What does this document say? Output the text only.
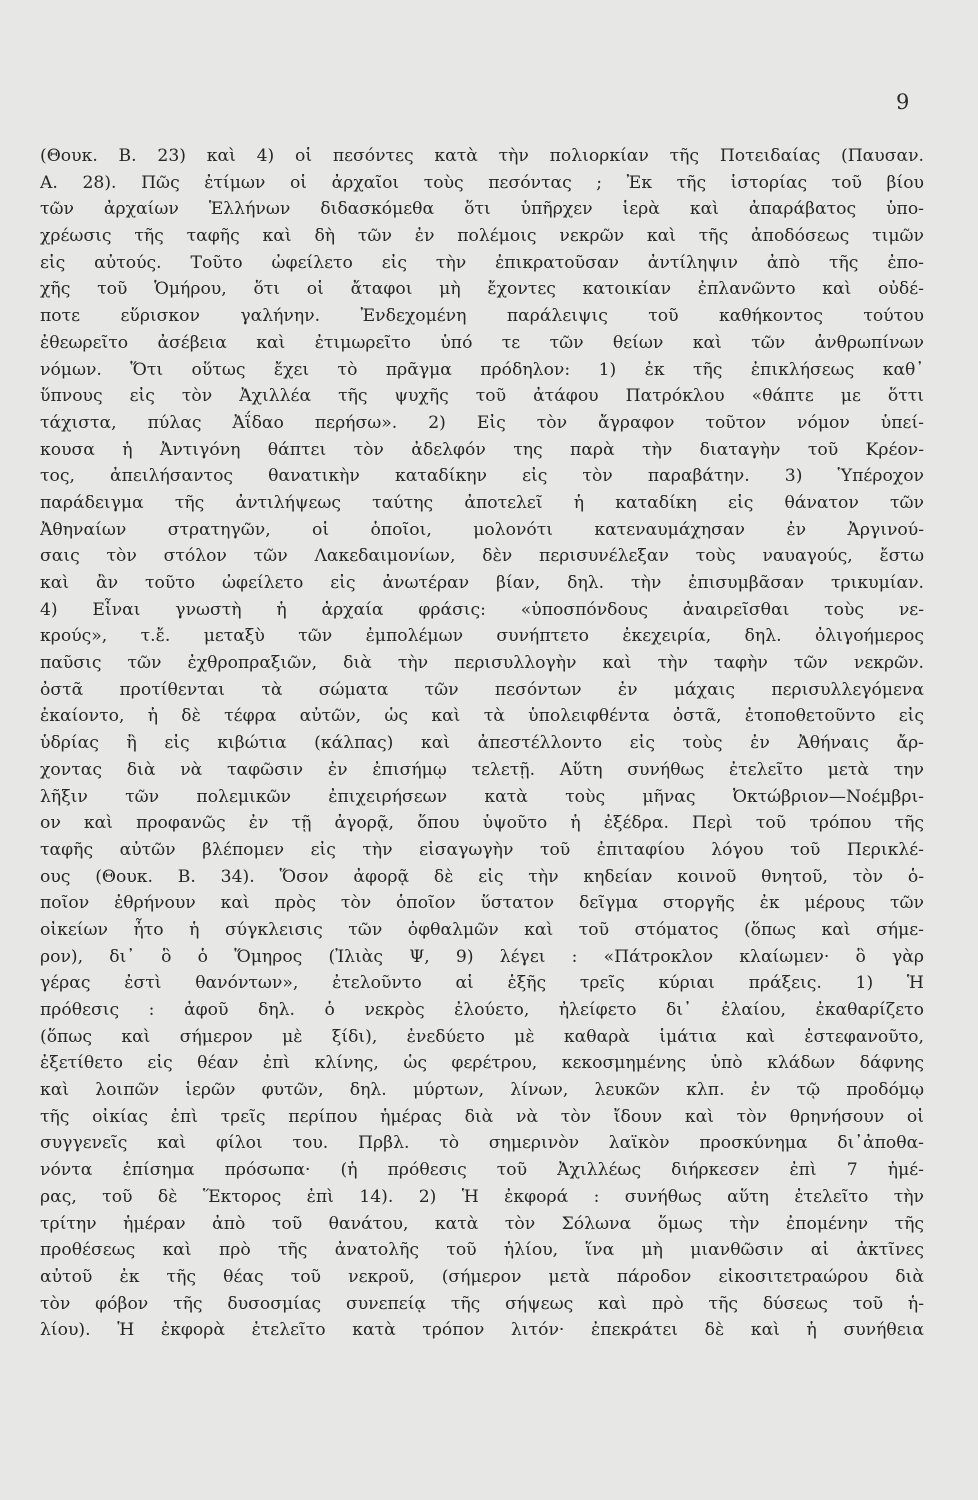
9
(Θουκ. Β. 23) καὶ 4) οἱ πεσόντες κατὰ τὴν πολιορκίαν τῆς Ποτειδαίας (Παυσαν.
Α. 28). Πῶς ἐτίμων οἱ ἀρχαῖοι τοὺς πεσόντας ; Ἐκ τῆς ἱστορίας τοῦ βίου
τῶν ἀρχαίων Ἑλλήνων διδασκόμεθα ὅτι ὑπῆρχεν ἱερὰ καὶ ἀπαράβατος ὑπο-
χρέωσις τῆς ταφῆς καὶ δὴ τῶν ἐν πολέμοις νεκρῶν καὶ τῆς ἀποδόσεως τιμῶν
εἰς αὐτούς. Τοῦτο ὠφείλετο εἰς τὴν ἐπικρατοῦσαν ἀντίληψιν ἀπὸ τῆς ἐπο-
χῆς τοῦ Ὁμήρου, ὅτι οἱ ἄταφοι μὴ ἔχοντες κατοικίαν ἐπλανῶντο καὶ οὐδέ-
ποτε εὕρισκον γαλήνην. Ἐνδεχομένη παράλειψις τοῦ καθήκοντος τούτου
ἐθεωρεῖτο ἀσέβεια καὶ ἐτιμωρεῖτο ὑπό τε τῶν θείων καὶ τῶν ἀνθρωπίνων
νόμων. Ὅτι οὕτως ἔχει τὸ πρᾶγμα πρόδηλον: 1) ἐκ τῆς ἐπικλήσεως καθ᾽
ὕπνους εἰς τὸν Ἀχιλλέα τῆς ψυχῆς τοῦ ἀτάφου Πατρόκλου «θάπτε με ὅττι
τάχιστα, πύλας Ἀΐδαο περήσω». 2) Εἰς τὸν ἄγραφον τοῦτον νόμον ὑπεί-
κουσα ἡ Ἀντιγόνη θάπτει τὸν ἀδελφόν της παρὰ τὴν διαταγὴν τοῦ Κρέον-
τος, ἀπειλήσαντος θανατικὴν καταδίκην εἰς τὸν παραβάτην. 3) Ὑπέροχον
παράδειγμα τῆς ἀντιλήψεως ταύτης ἀποτελεῖ ἡ καταδίκη εἰς θάνατον τῶν
Ἀθηναίων στρατηγῶν, οἱ ὁποῖοι, μολονότι κατεναυμάχησαν ἐν Ἀργινού-
σαις τὸν στόλον τῶν Λακεδαιμονίων, δὲν περισυνέλεξαν τοὺς ναυαγούς, ἔστω
καὶ ἂν τοῦτο ὠφείλετο εἰς ἀνωτέραν βίαν, δηλ. τὴν ἐπισυμβᾶσαν τρικυμίαν.
4) Εἶναι γνωστὴ ἡ ἀρχαία φράσις: «ὑποσπόνδους ἀναιρεῖσθαι τοὺς νε-
κρούς», τ.ἔ. μεταξὺ τῶν ἐμπολέμων συνήπτετο ἐκεχειρία, δηλ. ὀλιγοήμερος
παῦσις τῶν ἐχθροπραξιῶν, διὰ τὴν περισυλλογὴν καὶ τὴν ταφὴν τῶν νεκρῶν.
ὀστᾶ προτίθενται τὰ σώματα τῶν πεσόντων ἐν μάχαις περισυλλεγόμενα
ἐκαίοντο, ἡ δὲ τέφρα αὐτῶν, ὡς καὶ τὰ ὑπολειφθέντα ὀστᾶ, ἐτοποθετοῦντο εἰς
ὑδρίας ἢ εἰς κιβώτια (κάλπας) καὶ ἀπεστέλλοντο εἰς τοὺς ἐν Ἀθήναις ἄρ-
χοντας διὰ νὰ ταφῶσιν ἐν ἐπισήμῳ τελετῇ. Αὕτη συνήθως ἐτελεῖτο μετὰ την
λῆξιν τῶν πολεμικῶν ἐπιχειρήσεων κατὰ τοὺς μῆνας Ὀκτώβριον—Νοέμβρι-
ον καὶ προφανῶς ἐν τῇ ἀγορᾷ, ὅπου ὑψοῦτο ἡ ἐξέδρα. Περὶ τοῦ τρόπου τῆς
ταφῆς αὐτῶν βλέπομεν εἰς τὴν εἰσαγωγὴν τοῦ ἐπιταφίου λόγου τοῦ Περικλέ-
ους (Θουκ. Β. 34). Ὅσον ἀφορᾷ δὲ εἰς τὴν κηδείαν κοινοῦ θνητοῦ, τὸν ὁ-
ποῖον ἐθρήνουν καὶ πρὸς τὸν ὁποῖον ὕστατον δεῖγμα στοργῆς ἐκ μέρους τῶν
οἰκείων ἦτο ἡ σύγκλεισις τῶν ὀφθαλμῶν καὶ τοῦ στόματος (ὅπως καὶ σήμε-
ρον), δι᾽ ὃ ὁ Ὅμηρος (Ἰλιὰς Ψ, 9) λέγει : «Πάτροκλον κλαίωμεν· ὃ γὰρ
γέρας ἐστὶ θανόντων», ἐτελοῦντο αἱ ἑξῆς τρεῖς κύριαι πράξεις. 1) Ἡ
πρόθεσις : ἀφοῦ δηλ. ὁ νεκρὸς ἐλούετο, ἠλείφετο δι᾽ ἐλαίου, ἐκαθαρίζετο
(ὅπως καὶ σήμερον μὲ ξίδι), ἐνεδύετο μὲ καθαρὰ ἱμάτια καὶ ἐστεφανοῦτο,
ἐξετίθετο εἰς θέαν ἐπὶ κλίνης, ὡς φερέτρου, κεκοσμημένης ὑπὸ κλάδων δάφνης
καὶ λοιπῶν ἱερῶν φυτῶν, δηλ. μύρτων, λίνων, λευκῶν κλπ. ἐν τῷ προδόμῳ
τῆς οἰκίας ἐπὶ τρεῖς περίπου ἡμέρας διὰ νὰ τὸν ἴδουν καὶ τὸν θρηνήσουν οἱ
συγγενεῖς καὶ φίλοι του. Πρβλ. τὸ σημερινὸν λαϊκὸν προσκύνημα δι᾽ἀποθα-
νόντα ἐπίσημα πρόσωπα· (ἡ πρόθεσις τοῦ Ἀχιλλέως διήρκεσεν ἐπὶ 7 ἡμέ-
ρας, τοῦ δὲ Ἕκτορος ἐπὶ 14). 2) Ἡ ἐκφορά : συνήθως αὕτη ἐτελεῖτο τὴν
τρίτην ἡμέραν ἀπὸ τοῦ θανάτου, κατὰ τὸν Σόλωνα ὅμως τὴν ἐπομένην τῆς
προθέσεως καὶ πρὸ τῆς ἀνατολῆς τοῦ ἡλίου, ἵνα μὴ μιανθῶσιν αἱ ἀκτῖνες
αὐτοῦ ἐκ τῆς θέας τοῦ νεκροῦ, (σήμερον μετὰ πάροδον εἰκοσιτετραώρου διὰ
τὸν φόβον τῆς δυσοσμίας συνεπείᾳ τῆς σήψεως καὶ πρὸ τῆς δύσεως τοῦ ἡ-
λίου). Ἡ ἐκφορὰ ἐτελεῖτο κατὰ τρόπον λιτόν· ἐπεκράτει δὲ καὶ ἡ συνήθεια
